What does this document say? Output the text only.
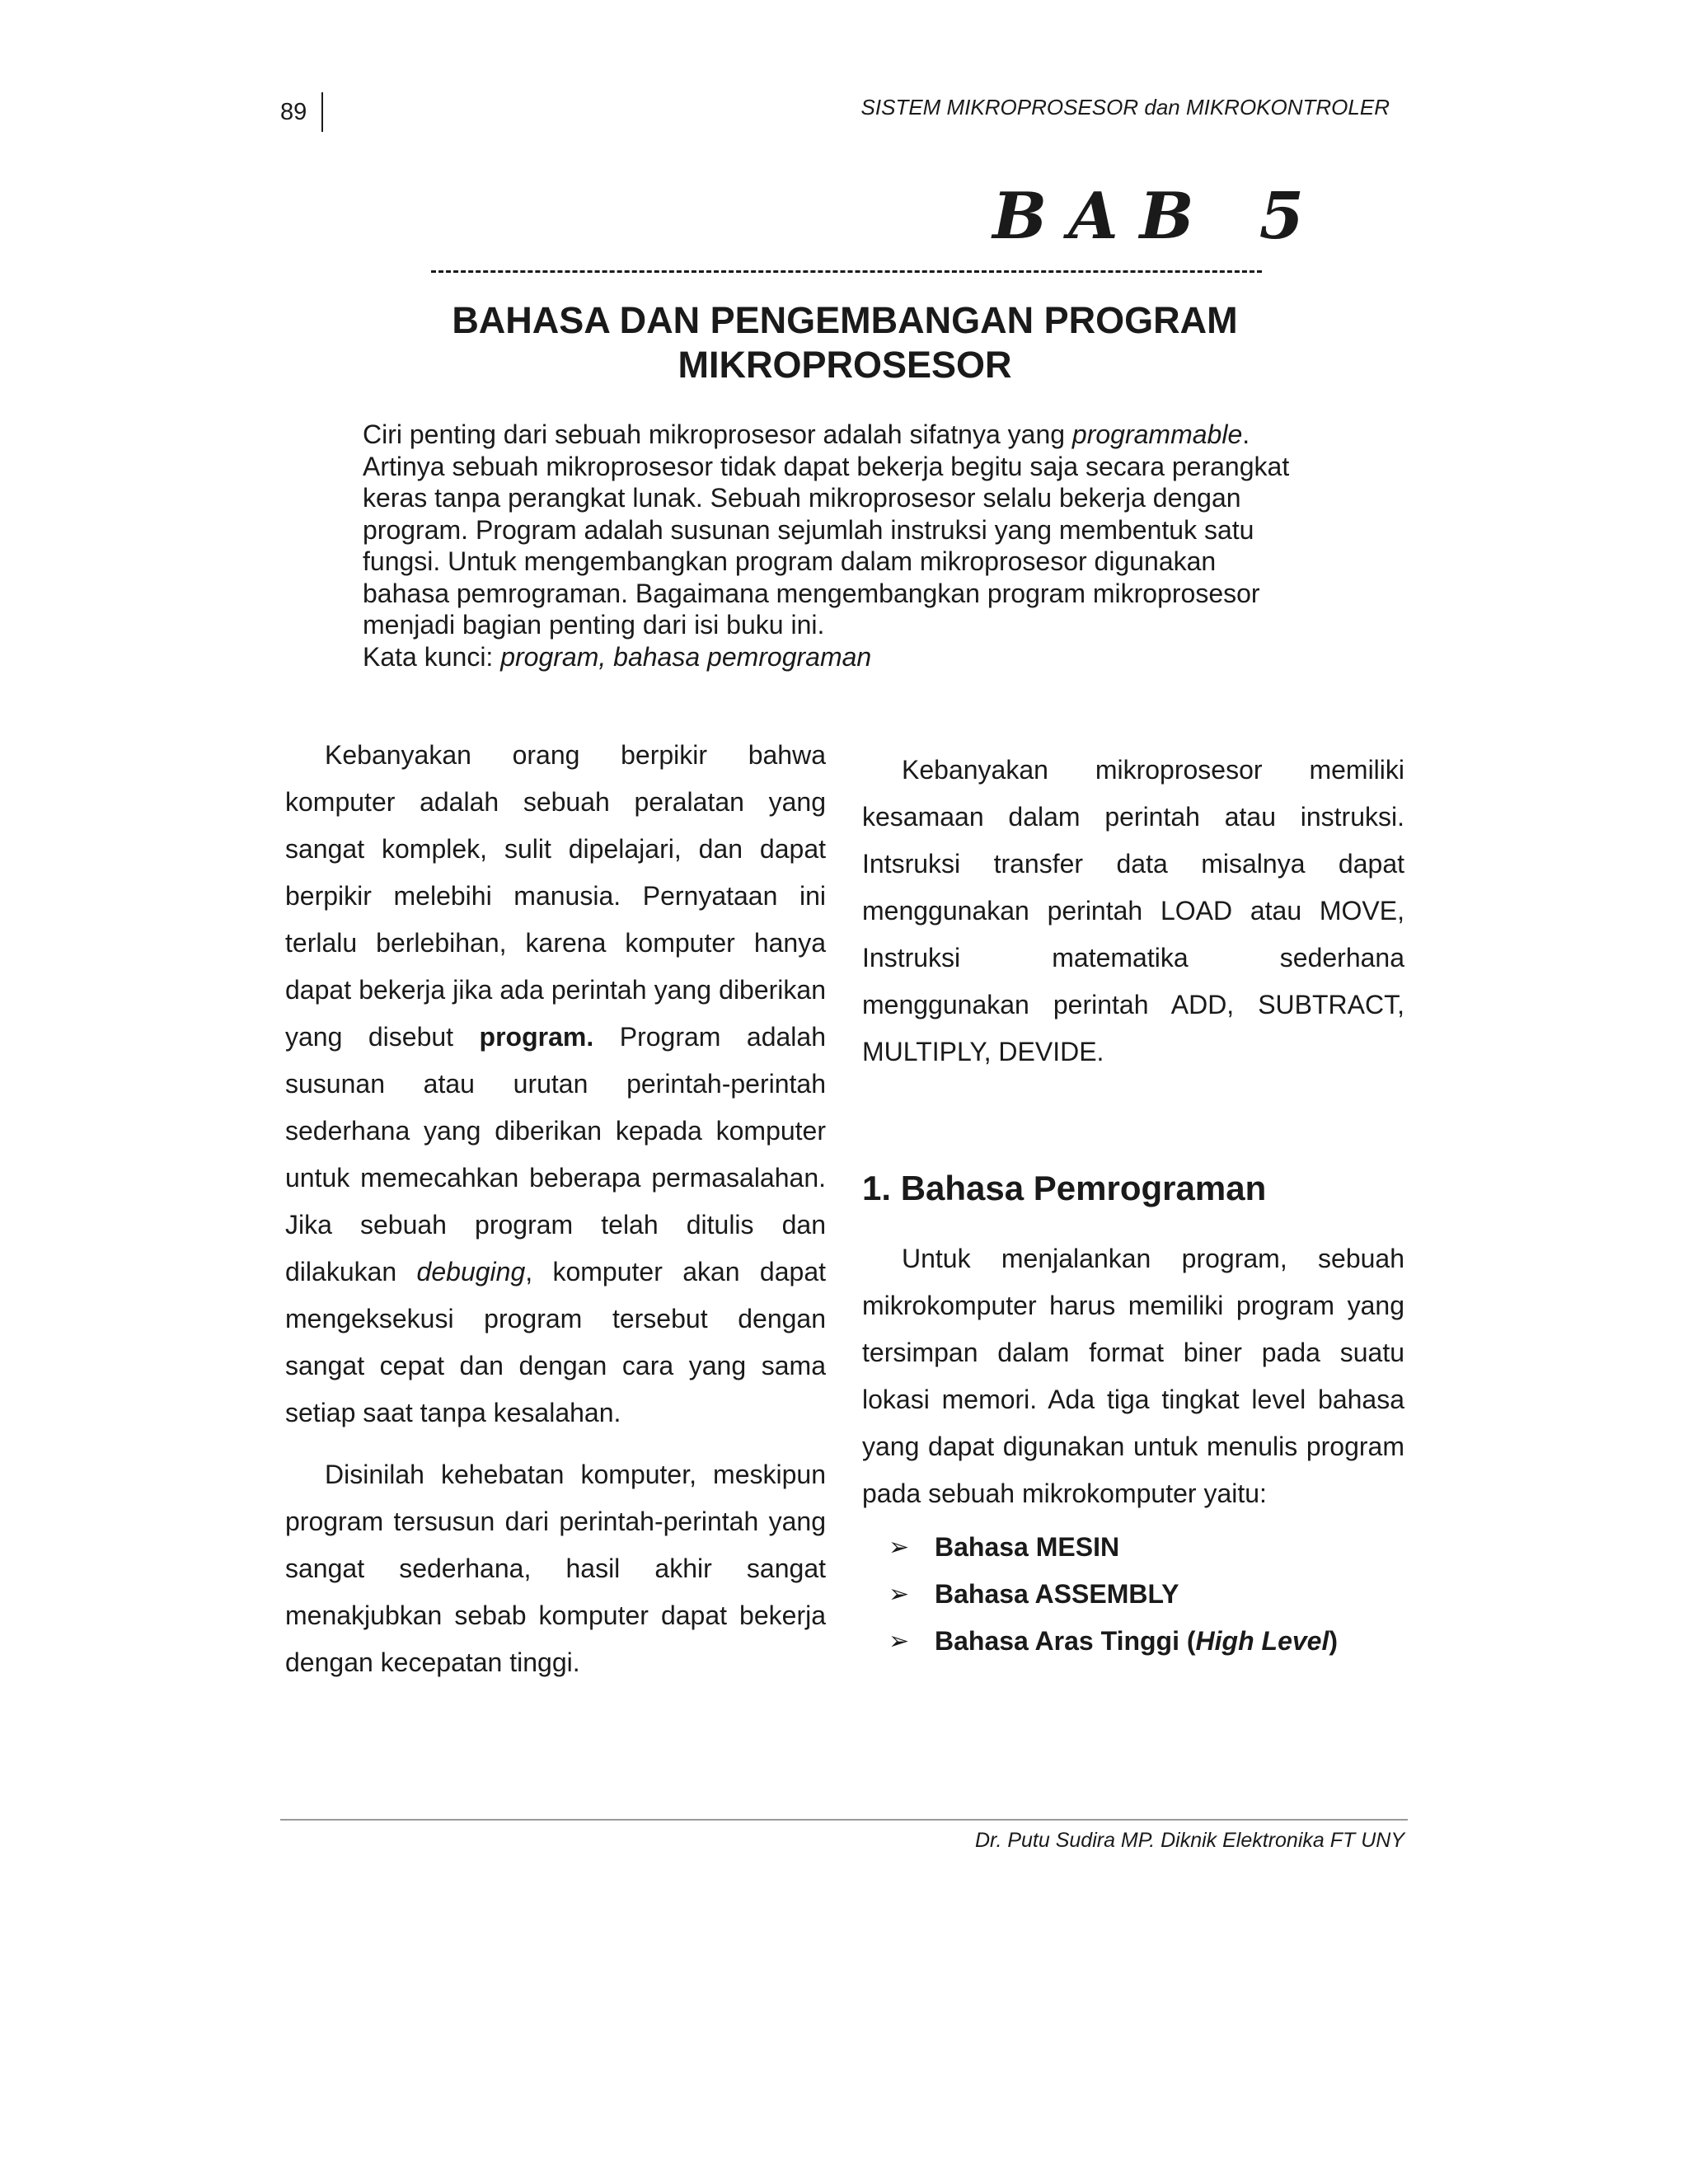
89	SISTEM MIKROPROSESOR dan MIKROKONTROLER
BAB 5
BAHASA DAN PENGEMBANGAN PROGRAM
MIKROPROSESOR
Ciri penting dari sebuah mikroprosesor adalah sifatnya yang programmable.
Artinya sebuah mikroprosesor tidak dapat bekerja begitu saja secara perangkat
keras tanpa perangkat lunak. Sebuah mikroprosesor selalu bekerja dengan
program. Program adalah susunan sejumlah instruksi yang membentuk satu
fungsi. Untuk mengembangkan program dalam mikroprosesor digunakan
bahasa pemrograman. Bagaimana mengembangkan program mikroprosesor
menjadi bagian penting dari isi buku ini.
Kata kunci: program, bahasa pemrograman

Kebanyakan orang berpikir bahwa komputer adalah sebuah peralatan yang sangat komplek, sulit dipelajari, dan dapat berpikir melebihi manusia. Pernyataan ini terlalu berlebihan, karena komputer hanya dapat bekerja jika ada perintah yang diberikan yang disebut program. Program adalah susunan atau urutan perintah-perintah sederhana yang diberikan kepada komputer untuk memecahkan beberapa permasalahan. Jika sebuah program telah ditulis dan dilakukan debuging, komputer akan dapat mengeksekusi program tersebut dengan sangat cepat dan dengan cara yang sama setiap saat tanpa kesalahan.

Disinilah kehebatan komputer, meskipun program tersusun dari perintah-perintah yang sangat sederhana, hasil akhir sangat menakjubkan sebab komputer dapat bekerja dengan kecepatan tinggi.

Kebanyakan mikroprosesor memiliki kesamaan dalam perintah atau instruksi. Intsruksi transfer data misalnya dapat menggunakan perintah LOAD atau MOVE, Instruksi matematika sederhana menggunakan perintah ADD, SUBTRACT, MULTIPLY, DEVIDE.

1. Bahasa Pemrograman

Untuk menjalankan program, sebuah mikrokomputer harus memiliki program yang tersimpan dalam format biner pada suatu lokasi memori. Ada tiga tingkat level bahasa yang dapat digunakan untuk menulis program pada sebuah mikrokomputer yaitu:

➢ Bahasa MESIN
➢ Bahasa ASSEMBLY
➢ Bahasa Aras Tinggi (High Level)
Dr. Putu Sudira MP. Diknik Elektronika FT UNY
